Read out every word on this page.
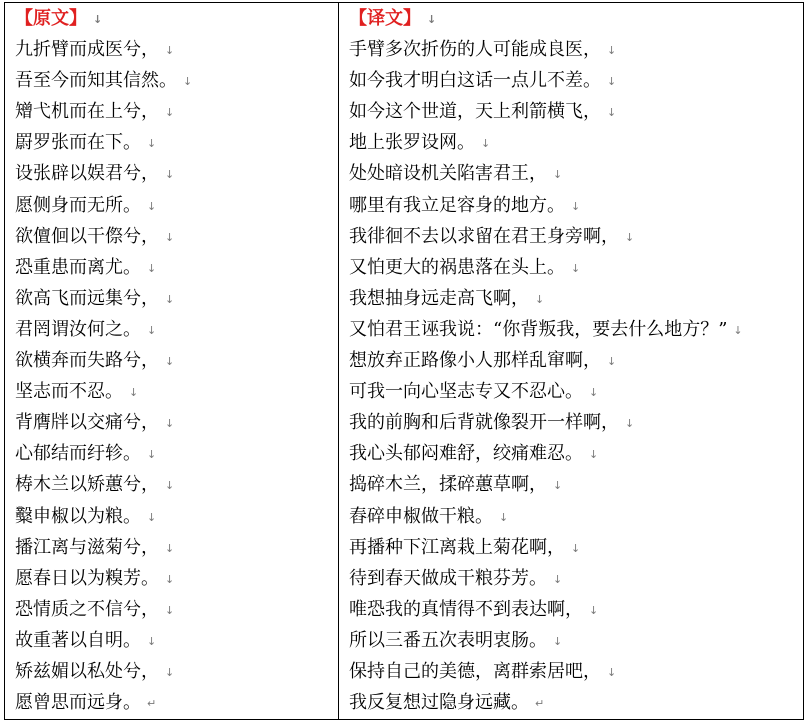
【原文】 ↓
九折臂而成医兮， ↓
吾至今而知其信然。 ↓
矰弋机而在上兮， ↓
罻罗张而在下。 ↓
设张辟以娱君兮， ↓
愿侧身而无所。 ↓
欲儃佪以干傺兮， ↓
恐重患而离尤。 ↓
欲高飞而远集兮， ↓
君罔谓汝何之。 ↓
欲横奔而失路兮， ↓
坚志而不忍。 ↓
背膺牉以交痛兮， ↓
心郁结而纡轸。 ↓
梼木兰以矫蕙兮， ↓
糳申椒以为粮。 ↓
播江离与滋菊兮， ↓
愿春日以为糗芳。 ↓
恐情质之不信兮， ↓
故重著以自明。 ↓
矫兹媚以私处兮， ↓
愿曾思而远身。 ↵
【译文】 ↓
手臂多次折伤的人可能成良医， ↓
如今我才明白这话一点儿不差。 ↓
如今这个世道，天上利箭横飞， ↓
地上张罗设网。 ↓
处处暗设机关陷害君王， ↓
哪里有我立足容身的地方。 ↓
我徘徊不去以求留在君王身旁啊， ↓
又怕更大的祸患落在头上。 ↓
我想抽身远走高飞啊， ↓
又怕君王诬我说：“你背叛我，要去什么地方？” ↓
想放弃正路像小人那样乱窜啊， ↓
可我一向心坚志专又不忍心。 ↓
我的前胸和后背就像裂开一样啊， ↓
我心头郁闷难舒，绞痛难忍。 ↓
捣碎木兰，揉碎蕙草啊， ↓
舂碎申椒做干粮。 ↓
再播种下江离栽上菊花啊， ↓
待到春天做成干粮芬芳。 ↓
唯恐我的真情得不到表达啊， ↓
所以三番五次表明衷肠。 ↓
保持自己的美德，离群索居吧， ↓
我反复想过隐身远藏。 ↵
